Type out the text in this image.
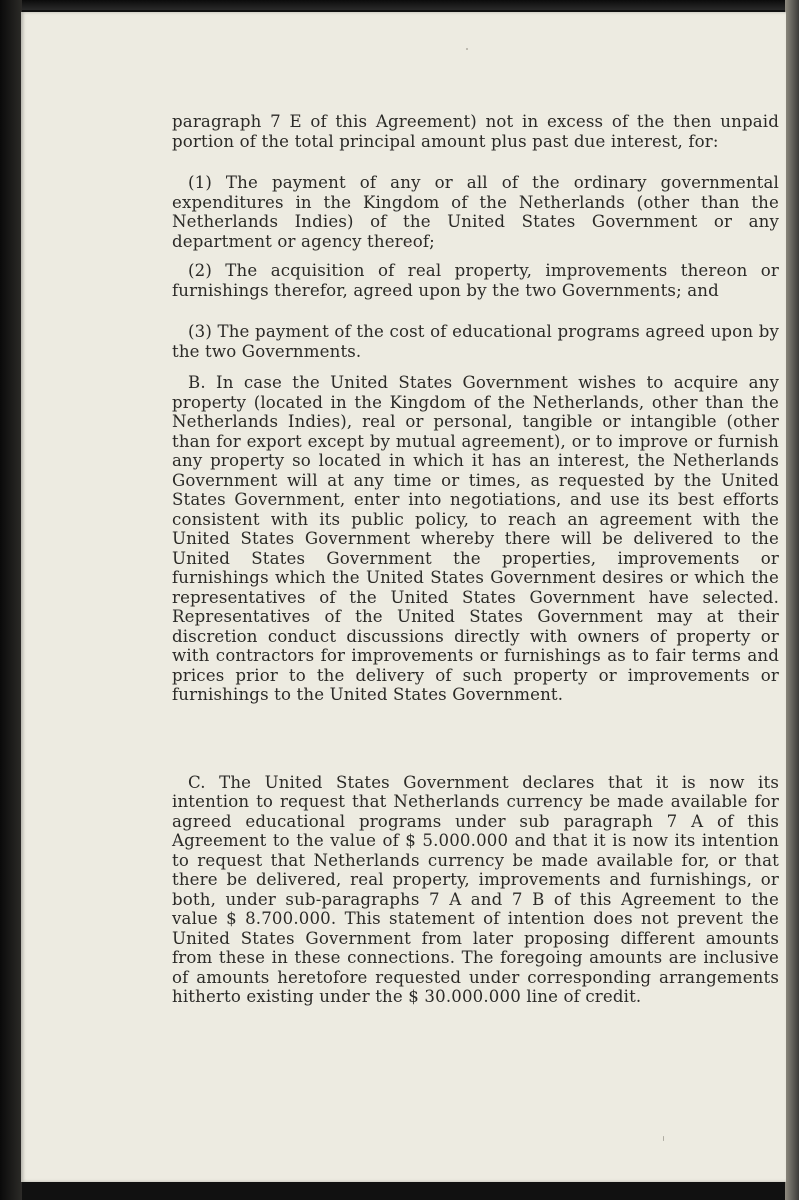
paragraph 7 E of this Agreement) not in excess of the then unpaid portion of the total principal amount plus past due interest, for:

(1) The payment of any or all of the ordinary governmental expenditures in the Kingdom of the Netherlands (other than the Netherlands Indies) of the United States Government or any department or agency thereof;

(2) The acquisition of real property, improvements thereon or furnishings therefor, agreed upon by the two Governments; and

(3) The payment of the cost of educational programs agreed upon by the two Governments.

B. In case the United States Government wishes to acquire any property (located in the Kingdom of the Netherlands, other than the Netherlands Indies), real or personal, tangible or intangible (other than for export except by mutual agreement), or to improve or furnish any property so located in which it has an interest, the Netherlands Government will at any time or times, as requested by the United States Government, enter into negotiations, and use its best efforts consistent with its public policy, to reach an agreement with the United States Government whereby there will be delivered to the United States Government the properties, improvements or furnishings which the United States Government desires or which the representatives of the United States Government have selected. Representatives of the United States Government may at their discretion conduct discussions directly with owners of property or with contractors for improvements or furnishings as to fair terms and prices prior to the delivery of such property or improvements or furnishings to the United States Government.

C. The United States Government declares that it is now its intention to request that Netherlands currency be made available for agreed educational programs under sub paragraph 7 A of this Agreement to the value of $ 5.000.000 and that it is now its intention to request that Netherlands currency be made available for, or that there be delivered, real property, improvements and furnishings, or both, under sub-paragraphs 7 A and 7 B of this Agreement to the value $ 8.700.000. This statement of intention does not prevent the United States Government from later proposing different amounts from these in these connections. The foregoing amounts are inclusive of amounts heretofore requested under corresponding arrangements hitherto existing under the $ 30.000.000 line of credit.
